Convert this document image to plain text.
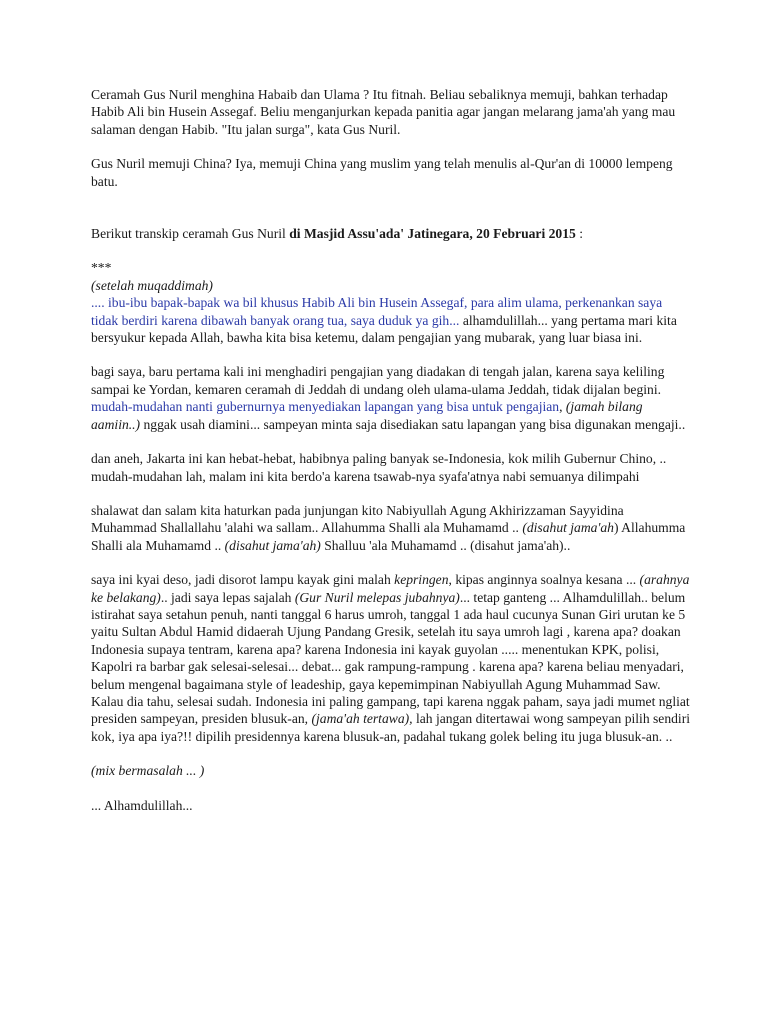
Ceramah Gus Nuril menghina Habaib dan Ulama ? Itu fitnah. Beliau sebaliknya memuji, bahkan terhadap Habib Ali bin Husein Assegaf. Beliu menganjurkan kepada panitia agar jangan melarang jama'ah yang mau salaman dengan Habib. "Itu jalan surga", kata Gus Nuril.

Gus Nuril memuji China? Iya, memuji China yang muslim yang telah menulis al-Qur'an di 10000 lempeng batu.

Berikut transkip ceramah Gus Nuril di Masjid Assu'ada' Jatinegara, 20 Februari 2015 :

***

(setelah muqaddimah)

.... ibu-ibu bapak-bapak wa bil khusus Habib Ali bin Husein Assegaf, para alim ulama, perkenankan saya tidak berdiri karena dibawah banyak orang tua, saya duduk ya gih... alhamdulillah... yang pertama mari kita bersyukur kepada Allah, bawha kita bisa ketemu, dalam pengajian yang mubarak, yang luar biasa ini.

bagi saya, baru pertama kali ini menghadiri pengajian yang diadakan di tengah jalan, karena saya keliling sampai ke Yordan, kemaren ceramah di Jeddah di undang oleh ulama-ulama Jeddah, tidak dijalan begini. mudah-mudahan nanti gubernurnya menyediakan lapangan yang bisa untuk pengajian, (jamah bilang aamiin..) nggak usah diamini... sampeyan minta saja disediakan satu lapangan yang bisa digunakan mengaji..

dan aneh, Jakarta ini kan hebat-hebat, habibnya paling banyak se-Indonesia, kok milih Gubernur Chino, .. mudah-mudahan lah, malam ini kita berdo'a karena tsawab-nya syafa'atnya nabi semuanya dilimpahi

shalawat dan salam kita haturkan pada junjungan kito Nabiyullah Agung Akhirizzaman Sayyidina Muhammad Shallallahu 'alahi wa sallam.. Allahumma Shalli ala Muhamamd .. (disahut jama'ah) Allahumma Shalli ala Muhamamd .. (disahut jama'ah) Shalluu 'ala Muhamamd .. (disahut jama'ah)..

saya ini kyai deso, jadi disorot lampu kayak gini malah kepringen, kipas anginnya soalnya kesana ... (arahnya ke belakang).. jadi saya lepas sajalah (Gur Nuril melepas jubahnya)... tetap ganteng ... Alhamdulillah.. belum istirahat saya setahun penuh, nanti tanggal 6 harus umroh, tanggal 1 ada haul cucunya Sunan Giri urutan ke 5 yaitu Sultan Abdul Hamid didaerah Ujung Pandang Gresik, setelah itu saya umroh lagi , karena apa? doakan Indonesia supaya tentram, karena apa? karena Indonesia ini kayak guyolan ..... menentukan KPK, polisi, Kapolri ra barbar gak selesai-selesai... debat... gak rampung-rampung . karena apa? karena beliau menyadari, belum mengenal bagaimana style of leadeship, gaya kepemimpinan Nabiyullah Agung Muhammad Saw. Kalau dia tahu, selesai sudah. Indonesia ini paling gampang, tapi karena nggak paham, saya jadi mumet ngliat presiden sampeyan, presiden blusuk-an, (jama'ah tertawa), lah jangan ditertawai wong sampeyan pilih sendiri kok, iya apa iya?!! dipilih presidennya karena blusuk-an, padahal tukang golek beling itu juga blusuk-an. ..

(mix bermasalah ... )

... Alhamdulillah...
